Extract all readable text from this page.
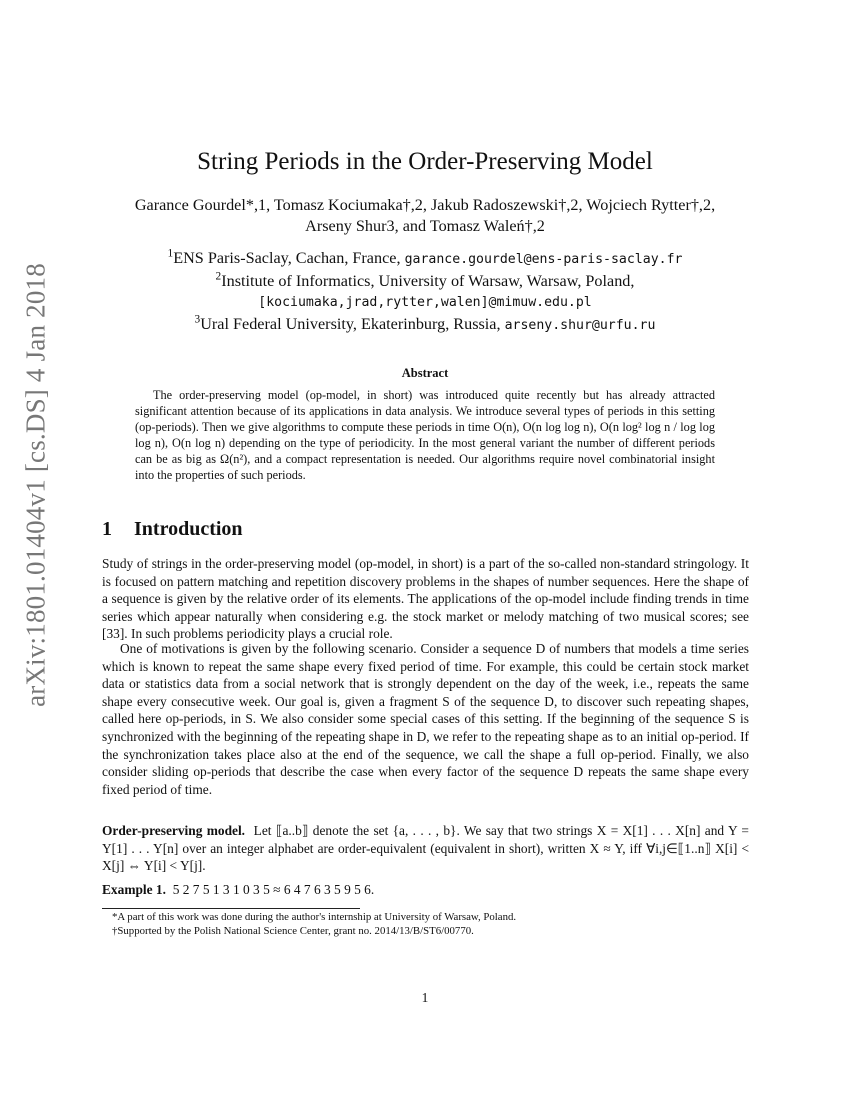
arXiv:1801.01404v1 [cs.DS] 4 Jan 2018
String Periods in the Order-Preserving Model
Garance Gourdel*,1, Tomasz Kociumaka†,2, Jakub Radoszewski†,2, Wojciech Rytter†,2,
Arseny Shur3, and Tomasz Waleń†,2
$^1$ENS Paris-Saclay, Cachan, France, garance.gourdel@ens-paris-saclay.fr
$^2$Institute of Informatics, University of Warsaw, Warsaw, Poland,
[kociumaka,jrad,rytter,walen]@mimuw.edu.pl
$^3$Ural Federal University, Ekaterinburg, Russia, arseny.shur@urfu.ru
Abstract
The order-preserving model (op-model, in short) was introduced quite recently but has already attracted significant attention because of its applications in data analysis. We introduce several types of periods in this setting (op-periods). Then we give algorithms to compute these periods in time O(n), O(n log log n), O(n log² log n / log log log n), O(n log n) depending on the type of periodicity. In the most general variant the number of different periods can be as big as Ω(n²), and a compact representation is needed. Our algorithms require novel combinatorial insight into the properties of such periods.
1 Introduction
Study of strings in the order-preserving model (op-model, in short) is a part of the so-called non-standard stringology. It is focused on pattern matching and repetition discovery problems in the shapes of number sequences. Here the shape of a sequence is given by the relative order of its elements. The applications of the op-model include finding trends in time series which appear naturally when considering e.g. the stock market or melody matching of two musical scores; see [33]. In such problems periodicity plays a crucial role.
One of motivations is given by the following scenario. Consider a sequence D of numbers that models a time series which is known to repeat the same shape every fixed period of time. For example, this could be certain stock market data or statistics data from a social network that is strongly dependent on the day of the week, i.e., repeats the same shape every consecutive week. Our goal is, given a fragment S of the sequence D, to discover such repeating shapes, called here op-periods, in S. We also consider some special cases of this setting. If the beginning of the sequence S is synchronized with the beginning of the repeating shape in D, we refer to the repeating shape as to an initial op-period. If the synchronization takes place also at the end of the sequence, we call the shape a full op-period. Finally, we also consider sliding op-periods that describe the case when every factor of the sequence D repeats the same shape every fixed period of time.
Order-preserving model. Let ⟦a..b⟧ denote the set {a, . . . , b}. We say that two strings X = X[1] . . . X[n] and Y = Y[1] . . . Y[n] over an integer alphabet are order-equivalent (equivalent in short), written X ≈ Y, iff ∀i,j∈⟦1..n⟧ X[i] < X[j] ⇔ Y[i] < Y[j].
Example 1. 5 2 7 5 1 3 1 0 3 5 ≈ 6 4 7 6 3 5 9 5 6.
*A part of this work was done during the author's internship at University of Warsaw, Poland.
†Supported by the Polish National Science Center, grant no. 2014/13/B/ST6/00770.
1
